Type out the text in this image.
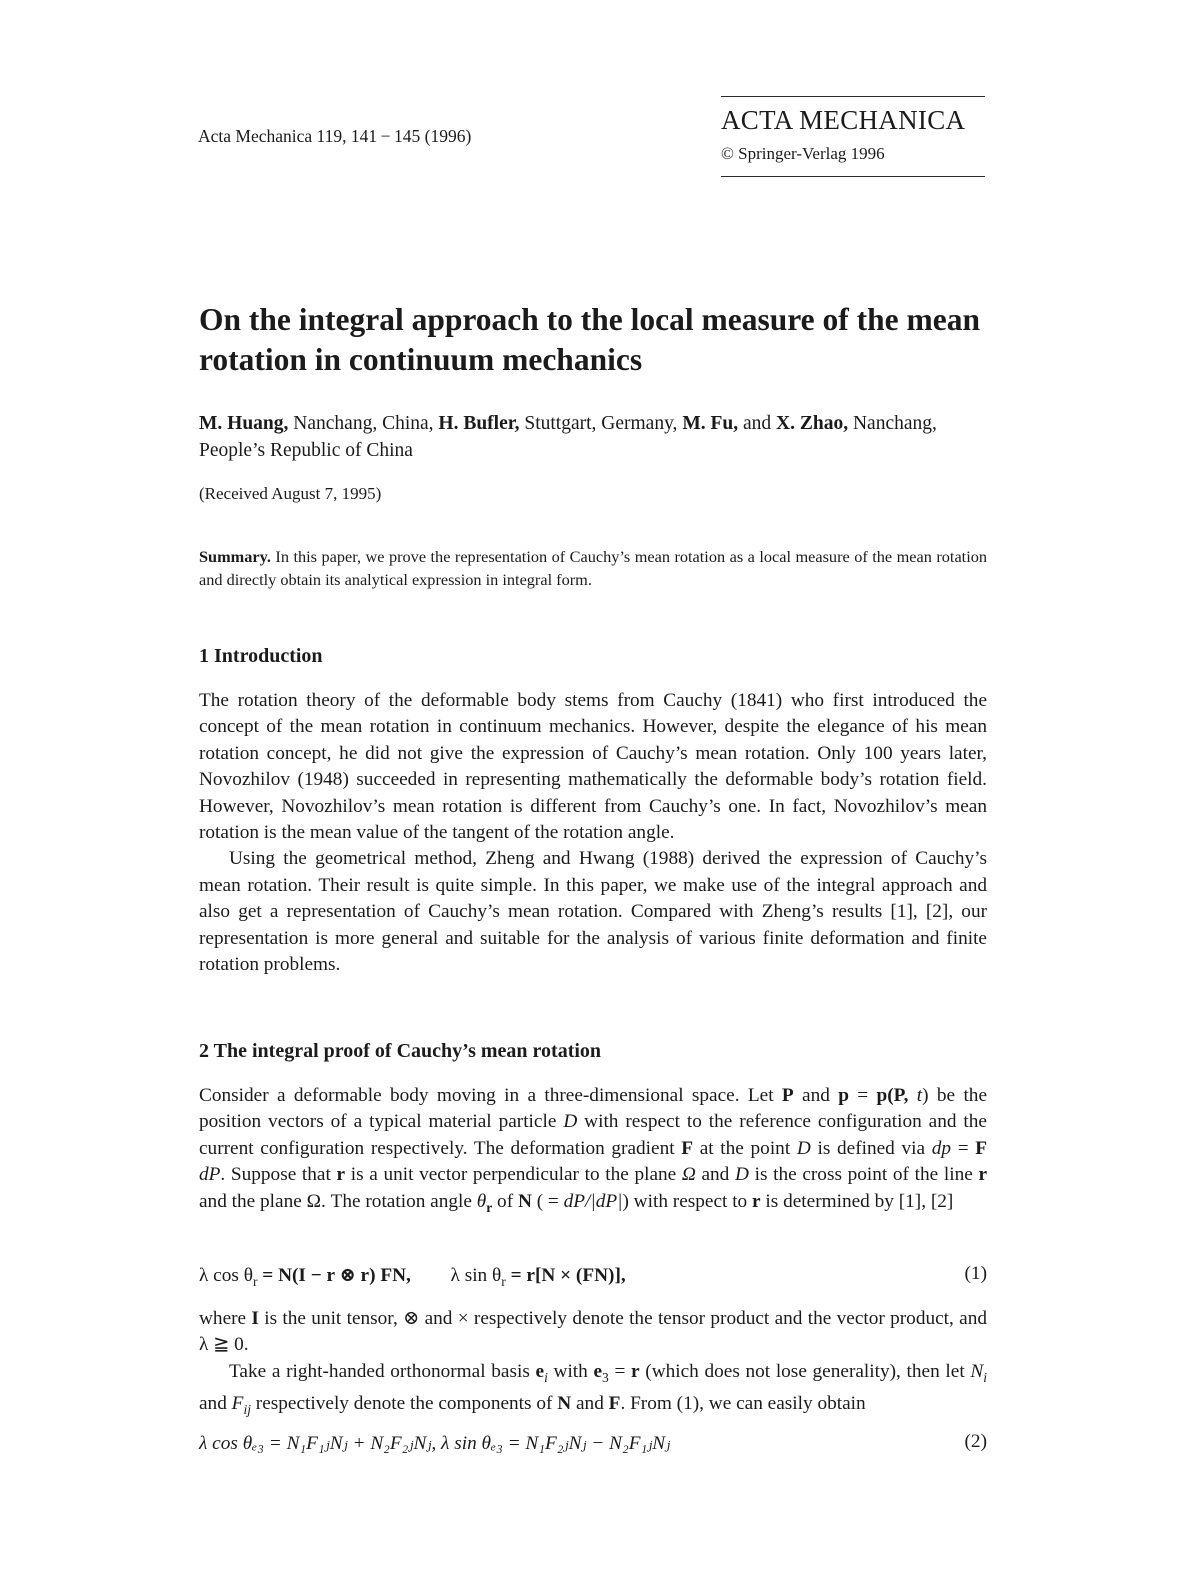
Acta Mechanica 119, 141 − 145 (1996)
ACTA MECHANICA
© Springer-Verlag 1996
On the integral approach to the local measure of the mean rotation in continuum mechanics
M. Huang, Nanchang, China, H. Bufler, Stuttgart, Germany, M. Fu, and X. Zhao, Nanchang, People’s Republic of China
(Received August 7, 1995)
Summary. In this paper, we prove the representation of Cauchy’s mean rotation as a local measure of the mean rotation and directly obtain its analytical expression in integral form.
1 Introduction

The rotation theory of the deformable body stems from Cauchy (1841) who first introduced the concept of the mean rotation in continuum mechanics. However, despite the elegance of his mean rotation concept, he did not give the expression of Cauchy’s mean rotation. Only 100 years later, Novozhilov (1948) succeeded in representing mathematically the deformable body’s rotation field. However, Novozhilov’s mean rotation is different from Cauchy’s one. In fact, Novozhilov’s mean rotation is the mean value of the tangent of the rotation angle.

Using the geometrical method, Zheng and Hwang (1988) derived the expression of Cauchy’s mean rotation. Their result is quite simple. In this paper, we make use of the integral approach and also get a representation of Cauchy’s mean rotation. Compared with Zheng’s results [1], [2], our representation is more general and suitable for the analysis of various finite deformation and finite rotation problems.

2 The integral proof of Cauchy’s mean rotation

Consider a deformable body moving in a three-dimensional space. Let P and p = p(P, t) be the position vectors of a typical material particle D with respect to the reference configuration and the current configuration respectively. The deformation gradient F at the point D is defined via dp = F dP. Suppose that r is a unit vector perpendicular to the plane Ω and D is the cross point of the line r and the plane Ω. The rotation angle $\theta_r$ of N ( = dP/|dP|) with respect to r is determined by [1], [2]

λ $\cos \theta_r = N(I - r$ ⊗ r) FN, λ $\sin \theta_r = r[N \times (FN)]$,	(1)

where I is the unit tensor, ⊗ and × respectively denote the tensor product and the vector product, and λ ≧ 0.

Take a right-handed orthonormal basis $e_i$ with $e_3 = r$ (which does not lose generality), then let $N_i$ and $F_{ij}$ respectively denote the components of N and F. From (1), we can easily obtain

λ cos θₑ₃ = N₁F₁ⱼNⱼ + N₂F₂ⱼNⱼ, λ sin θₑ₃ = N₁F₂ⱼNⱼ − N₂F₁ⱼNⱼ	(2)
